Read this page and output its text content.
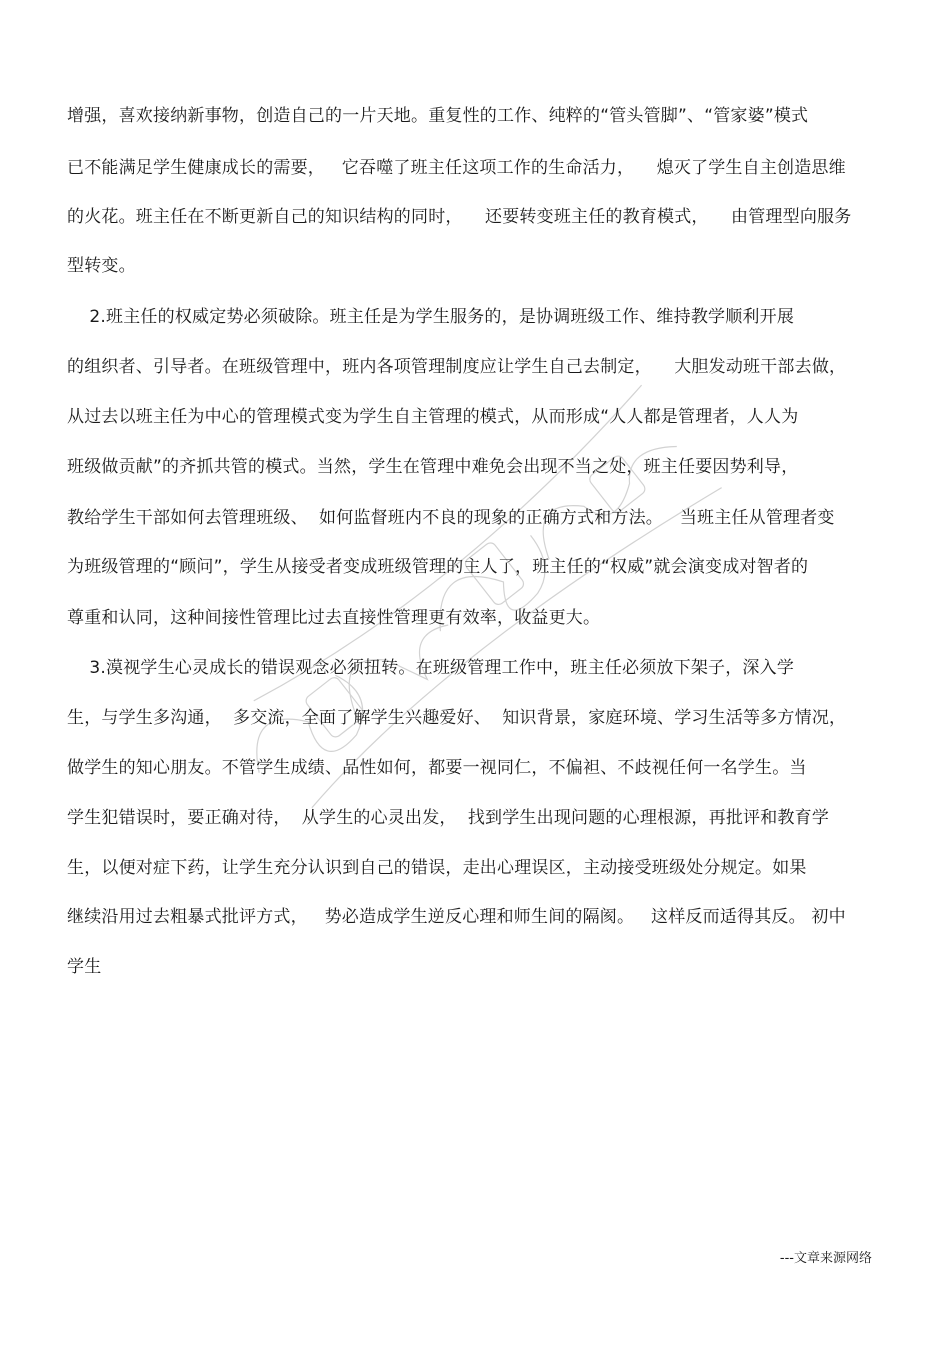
增强，喜欢接纳新事物，创造自己的一片天地。重复性的工作、纯粹的“管头管脚”、“管家婆”模式
已不能满足学生健康成长的需要，   它吞噬了班主任这项工作的生命活力，    熄灭了学生自主创造思维
的火花。班主任在不断更新自己的知识结构的同时，    还要转变班主任的教育模式，    由管理型向服务
型转变。
2.班主任的权威定势必须破除。班主任是为学生服务的，是协调班级工作、维持教学顺利开展
的组织者、引导者。在班级管理中，班内各项管理制度应让学生自己去制定，    大胆发动班干部去做，
从过去以班主任为中心的管理模式变为学生自主管理的模式，从而形成“人人都是管理者，人人为
班级做贡献”的齐抓共管的模式。当然，学生在管理中难免会出现不当之处，班主任要因势利导，
教给学生干部如何去管理班级、  如何监督班内不良的现象的正确方式和方法。   当班主任从管理者变
为班级管理的“顾问”，学生从接受者变成班级管理的主人了，班主任的“权威”就会演变成对智者的
尊重和认同，这种间接性管理比过去直接性管理更有效率，收益更大。
3.漠视学生心灵成长的错误观念必须扭转。在班级管理工作中，班主任必须放下架子，深入学
生，与学生多沟通，  多交流，全面了解学生兴趣爱好、  知识背景，家庭环境、学习生活等多方情况，
做学生的知心朋友。不管学生成绩、品性如何，都要一视同仁，不偏袒、不歧视任何一名学生。当
学生犯错误时，要正确对待，  从学生的心灵出发，  找到学生出现问题的心理根源，再批评和教育学
生，以便对症下药，让学生充分认识到自己的错误，走出心理误区，主动接受班级处分规定。如果
继续沿用过去粗暴式批评方式，   势必造成学生逆反心理和师生间的隔阂。   这样反而适得其反。 初中
学生
---文章来源网络
